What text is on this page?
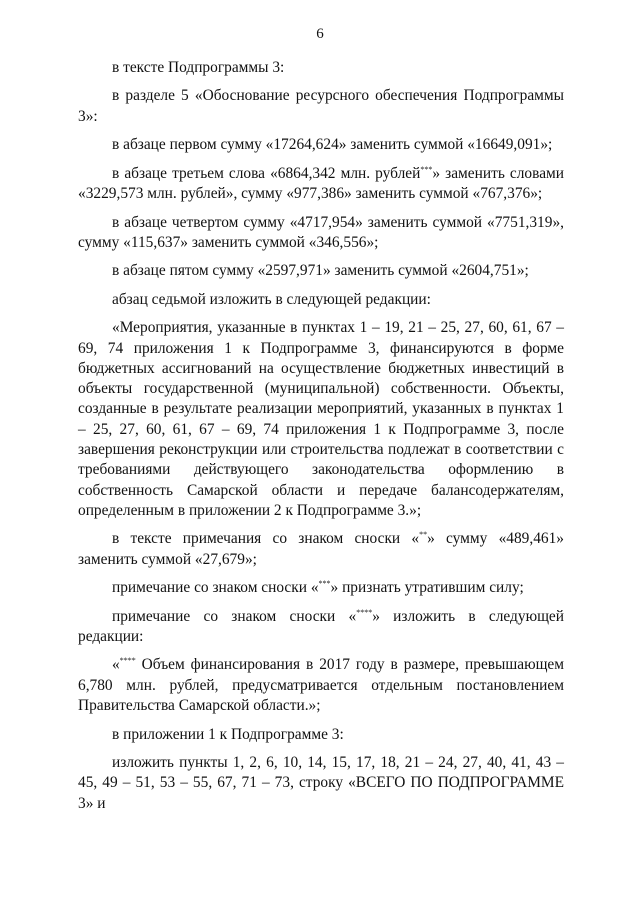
6

в тексте Подпрограммы 3:

в разделе 5 «Обоснование ресурсного обеспечения Подпрограммы 3»:

в абзаце первом сумму «17264,624» заменить суммой «16649,091»;

в абзаце третьем слова «6864,342 млн. рублей***» заменить словами «3229,573 млн. рублей», сумму «977,386» заменить суммой «767,376»;

в абзаце четвертом сумму «4717,954» заменить суммой «7751,319», сумму «115,637» заменить суммой «346,556»;

в абзаце пятом сумму «2597,971» заменить суммой «2604,751»;

абзац седьмой изложить в следующей редакции:

«Мероприятия, указанные в пунктах 1 – 19, 21 – 25, 27, 60, 61, 67 – 69, 74 приложения 1 к Подпрограмме 3, финансируются в форме бюджетных ассигнований на осуществление бюджетных инвестиций в объекты государственной (муниципальной) собственности. Объекты, созданные в результате реализации мероприятий, указанных в пунктах 1 – 25, 27, 60, 61, 67 – 69, 74 приложения 1 к Подпрограмме 3, после завершения реконструкции или строительства подлежат в соответствии с требованиями действующего законодательства оформлению в собственность Самарской области и передаче балансодержателям, определенным в приложении 2 к Подпрограмме 3.»;

в тексте примечания со знаком сноски «**» сумму «489,461» заменить суммой «27,679»;

примечание со знаком сноски «***» признать утратившим силу;

примечание со знаком сноски «****» изложить в следующей редакции:

«**** Объем финансирования в 2017 году в размере, превышающем 6,780 млн. рублей, предусматривается отдельным постановлением Правительства Самарской области.»;

в приложении 1 к Подпрограмме 3:

изложить пункты 1, 2, 6, 10, 14, 15, 17, 18, 21 – 24, 27, 40, 41, 43 – 45, 49 – 51, 53 – 55, 67, 71 – 73, строку «ВСЕГО ПО ПОДПРОГРАММЕ 3» и
